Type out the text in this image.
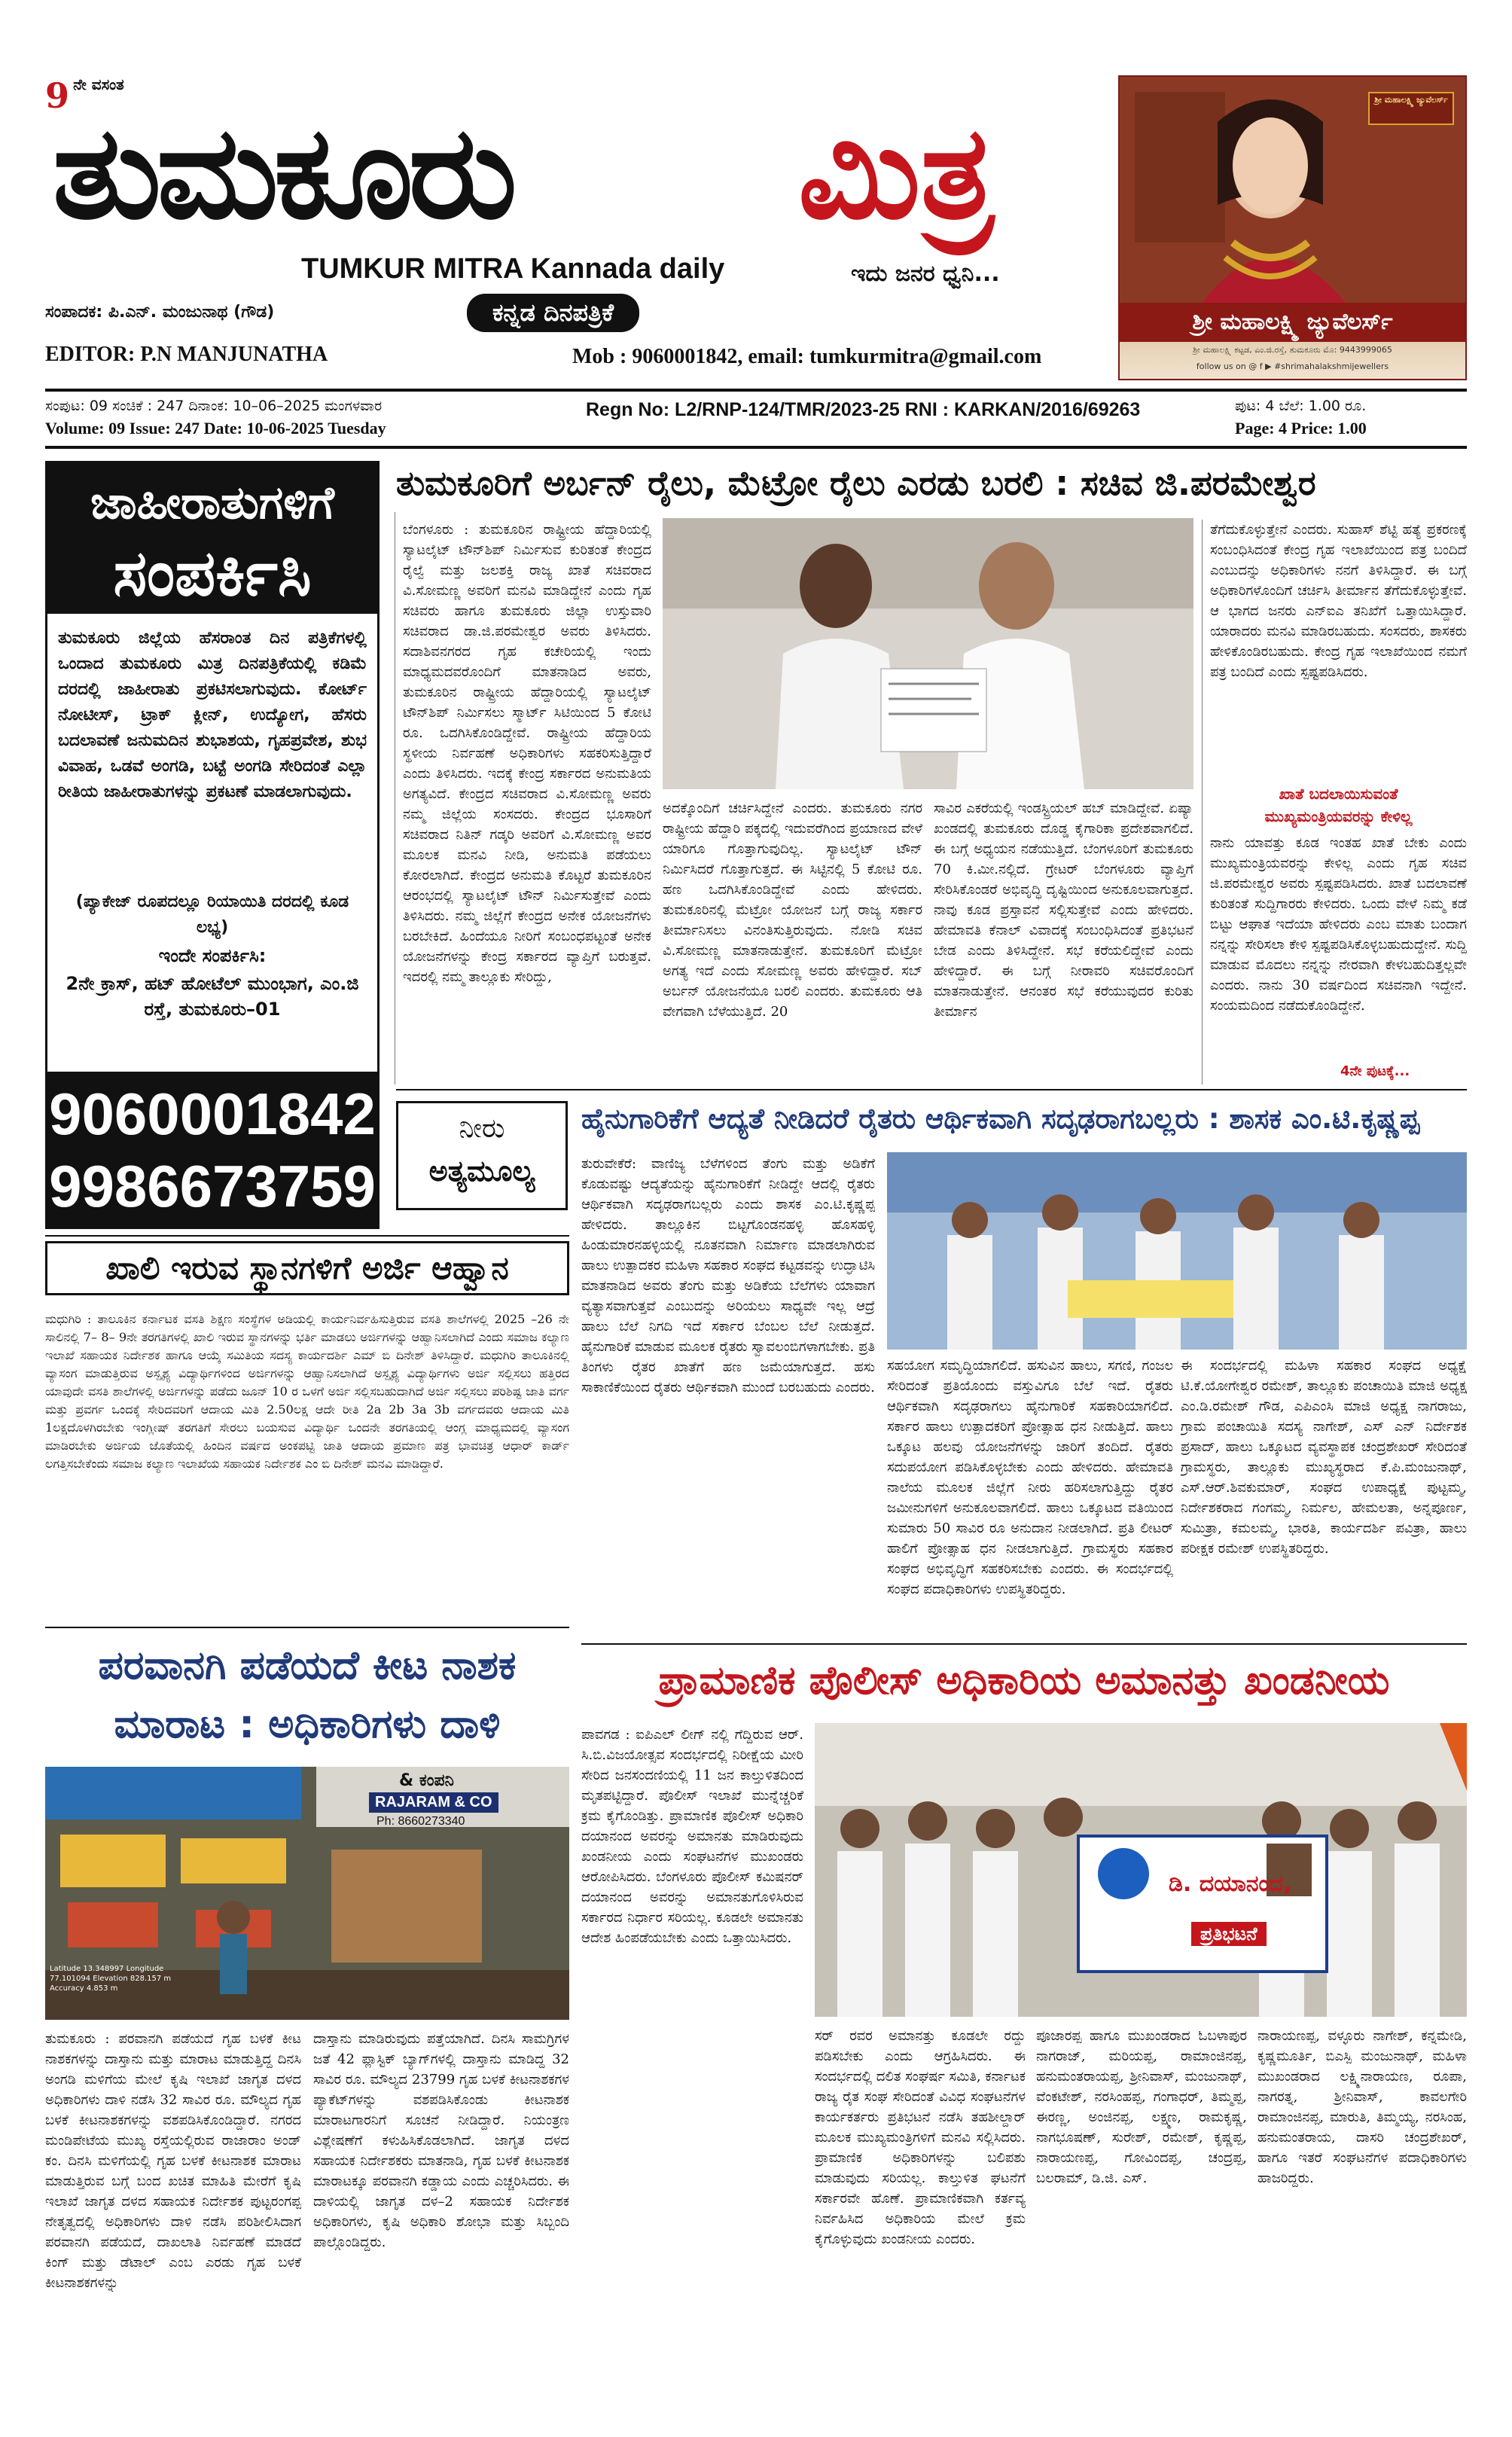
9 ನೇ ವಸಂತ
ತುಮಕೂರು ಮಿತ್ರ
TUMKUR MITRA Kannada daily	ಇದು ಜನರ ಧ್ವನಿ...
ಸಂಪಾದಕ: ಪಿ.ಎನ್. ಮಂಜುನಾಥ (ಗೌಡ)	ಕನ್ನಡ ದಿನಪತ್ರಿಕೆ
EDITOR: P.N MANJUNATHA	Mob : 9060001842, email: tumkurmitra@gmail.com
ಶ್ರೀ ಮಹಾಲಕ್ಷ್ಮಿ ಜ್ಯುವೆಲರ್ಸ್
ಶ್ರೀ ಮಹಾಲಕ್ಷ್ಮಿ ಜ್ಯುವೆಲರ್ಸ್
ಶ್ರೀ ಮಹಾಲಕ್ಷ್ಮಿ ಕಟ್ಟಡ, ಎಂ.ಜಿ.ರಸ್ತೆ, ತುಮಕೂರು ಮೊ: 9443999065
follow us on @ f ▶ #shrimahalakshmijewellers
ಸಂಪುಟ: 09 ಸಂಚಿಕೆ : 247 ದಿನಾಂಕ: 10–06–2025 ಮಂಗಳವಾರ
Volume: 09 Issue: 247 Date: 10-06-2025 Tuesday
Regn No: L2/RNP-124/TMR/2023-25 RNI : KARKAN/2016/69263	ಪುಟ: 4 ಬೆಲೆ: 1.00 ರೂ.
Page: 4 Price: 1.00
ಜಾಹೀರಾತುಗಳಿಗೆ
ಸಂಪರ್ಕಿಸಿ

ತುಮಕೂರು ಜಿಲ್ಲೆಯ ಹೆಸರಾಂತ ದಿನ ಪತ್ರಿಕೆಗಳಲ್ಲಿ ಒಂದಾದ ತುಮಕೂರು ಮಿತ್ರ ದಿನಪತ್ರಿಕೆಯಲ್ಲಿ ಕಡಿಮೆ ದರದಲ್ಲಿ ಜಾಹೀರಾತು ಪ್ರಕಟಿಸಲಾಗುವುದು. ಕೋರ್ಟ್ ನೋಟೀಸ್, ಟ್ರಾಕ್ ಕ್ಲೀನ್, ಉದ್ಯೋಗ, ಹೆಸರು ಬದಲಾವಣೆ ಜನುಮದಿನ ಶುಭಾಶಯ, ಗೃಹಪ್ರವೇಶ, ಶುಭ ವಿವಾಹ, ಒಡವೆ ಅಂಗಡಿ, ಬಟ್ಟೆ ಅಂಗಡಿ ಸೇರಿದಂತೆ ಎಲ್ಲಾ ರೀತಿಯ ಜಾಹೀರಾತುಗಳನ್ನು ಪ್ರಕಟಣೆ ಮಾಡಲಾಗುವುದು.

(ಪ್ಯಾಕೇಜ್ ರೂಪದಲ್ಲೂ ರಿಯಾಯಿತಿ ದರದಲ್ಲಿ ಕೂಡ ಲಭ್ಯ)
ಇಂದೇ ಸಂಪರ್ಕಿಸಿ:
2ನೇ ಕ್ರಾಸ್, ಹಟ್ ಹೋಟೆಲ್ ಮುಂಭಾಗ, ಎಂ.ಜಿ ರಸ್ತೆ, ತುಮಕೂರು–01
9060001842
9986673759
ನೀರು
ಅತ್ಯಮೂಲ್ಯ
ತುಮಕೂರಿಗೆ ಅರ್ಬನ್ ರೈಲು, ಮೆಟ್ರೋ ರೈಲು ಎರಡು ಬರಲಿ : ಸಚಿವ ಜಿ.ಪರಮೇಶ್ವರ

ಬೆಂಗಳೂರು : ತುಮಕೂರಿನ ರಾಷ್ಟ್ರೀಯ ಹೆದ್ದಾರಿಯಲ್ಲಿ ಸ್ಯಾಟಲೈಟ್ ಟೌನ್‌ಶಿಪ್ ನಿರ್ಮಿಸುವ ಕುರಿತಂತೆ ಕೇಂದ್ರದ ರೈಲ್ವೆ ಮತ್ತು ಜಲಶಕ್ತಿ ರಾಜ್ಯ ಖಾತೆ ಸಚಿವರಾದ ವಿ.ಸೋಮಣ್ಣ ಅವರಿಗೆ ಮನವಿ ಮಾಡಿದ್ದೇನೆ ಎಂದು ಗೃಹ ಸಚಿವರು ಹಾಗೂ ತುಮಕೂರು ಜಿಲ್ಲಾ ಉಸ್ತುವಾರಿ ಸಚಿವರಾದ ಡಾ.ಜಿ.ಪರಮೇಶ್ವರ ಅವರು ತಿಳಿಸಿದರು. ಸದಾಶಿವನಗರದ ಗೃಹ ಕಚೇರಿಯಲ್ಲಿ ಇಂದು ಮಾಧ್ಯಮದವರೊಂದಿಗೆ ಮಾತನಾಡಿದ ಅವರು, ತುಮಕೂರಿನ ರಾಷ್ಟ್ರೀಯ ಹೆದ್ದಾರಿಯಲ್ಲಿ ಸ್ಯಾಟಲೈಟ್ ಟೌನ್‌ಶಿಪ್ ನಿರ್ಮಿಸಲು ಸ್ಮಾರ್ಟ್ ಸಿಟಿಯಿಂದ 5 ಕೋಟಿ ರೂ. ಒದಗಿಸಿಕೊಂಡಿದ್ದೇವೆ. ರಾಷ್ಟ್ರೀಯ ಹೆದ್ದಾರಿಯ ಸ್ಥಳೀಯ ನಿರ್ವಹಣೆ ಅಧಿಕಾರಿಗಳು ಸಹಕರಿಸುತ್ತಿದ್ದಾರೆ ಎಂದು ತಿಳಿಸಿದರು. ಇದಕ್ಕೆ ಕೇಂದ್ರ ಸರ್ಕಾರದ ಅನುಮತಿಯ ಅಗತ್ಯವಿದೆ. ಕೇಂದ್ರದ ಸಚಿವರಾದ ವಿ.ಸೋಮಣ್ಣ ಅವರು ನಮ್ಮ ಜಿಲ್ಲೆಯ ಸಂಸದರು. ಕೇಂದ್ರದ ಭೂಸಾರಿಗೆ ಸಚಿವರಾದ ನಿತಿನ್ ಗಡ್ಕರಿ ಅವರಿಗೆ ವಿ.ಸೋಮಣ್ಣ ಅವರ ಮೂಲಕ ಮನವಿ ನೀಡಿ, ಅನುಮತಿ ಪಡೆಯಲು ಕೋರಲಾಗಿದೆ. ಕೇಂದ್ರದ ಅನುಮತಿ ಕೊಟ್ಟರೆ ತುಮಕೂರಿನ ಆರಂಭದಲ್ಲಿ ಸ್ಯಾಟಲೈಟ್ ಟೌನ್ ನಿರ್ಮಿಸುತ್ತೇವೆ ಎಂದು ತಿಳಿಸಿದರು. ನಮ್ಮ ಜಿಲ್ಲೆಗೆ ಕೇಂದ್ರದ ಅನೇಕ ಯೋಜನೆಗಳು ಬರಬೇಕಿದೆ. ಹಿಂದೆಯೂ ನೀರಿಗೆ ಸಂಬಂಧಪಟ್ಟಂತೆ ಅನೇಕ ಯೋಜನೆಗಳನ್ನು ಕೇಂದ್ರ ಸರ್ಕಾರದ ವ್ಯಾಪ್ತಿಗೆ ಬರುತ್ತವೆ. ಇದರಲ್ಲಿ ನಮ್ಮ ತಾಲ್ಲೂಕು ಸೇರಿದ್ದು,

ಅದಕ್ಕೊಂದಿಗೆ ಚರ್ಚಿಸಿದ್ದೇನೆ ಎಂದರು. ತುಮಕೂರು ನಗರ ರಾಷ್ಟ್ರೀಯ ಹೆದ್ದಾರಿ ಪಕ್ಕದಲ್ಲಿ ಇದುವರೆಗಿಂದ ಪ್ರಯಾಣದ ವೇಳೆ ಯಾರಿಗೂ ಗೊತ್ತಾಗುವುದಿಲ್ಲ. ಸ್ಯಾಟಲೈಟ್ ಟೌನ್ ನಿರ್ಮಿಸಿದರೆ ಗೊತ್ತಾಗುತ್ತದೆ. ಈ ಸಿಟ್ಟಿನಲ್ಲಿ 5 ಕೋಟಿ ರೂ. ಹಣ ಒದಗಿಸಿಕೊಂಡಿದ್ದೇವೆ ಎಂದು ಹೇಳಿದರು. ತುಮಕೂರಿನಲ್ಲಿ ಮೆಟ್ರೋ ಯೋಜನೆ ಬಗ್ಗೆ ರಾಜ್ಯ ಸರ್ಕಾರ ತೀರ್ಮಾನಿಸಲು ವಿನಂತಿಸುತ್ತಿರುವುದು. ನೋಡಿ ಸಚಿವ ವಿ.ಸೋಮಣ್ಣ ಮಾತನಾಡುತ್ತೇನೆ. ತುಮಕೂರಿಗೆ ಮೆಟ್ರೋ ಅಗತ್ಯ ಇದೆ ಎಂದು ಸೋಮಣ್ಣ ಅವರು ಹೇಳಿದ್ದಾರೆ. ಸಬ್ ಅರ್ಬನ್ ಯೋಜನೆಯೂ ಬರಲಿ ಎಂದರು. ತುಮಕೂರು ಆತಿ ವೇಗವಾಗಿ ಬೆಳೆಯುತ್ತಿದೆ. 20

ಸಾವಿರ ಎಕರೆಯಲ್ಲಿ ಇಂಡಸ್ಟ್ರಿಯಲ್ ಹಬ್ ಮಾಡಿದ್ದೇವೆ. ಏಷ್ಯಾ ಖಂಡದಲ್ಲಿ ತುಮಕೂರು ದೊಡ್ಡ ಕೈಗಾರಿಕಾ ಪ್ರದೇಶವಾಗಲಿದೆ. ಈ ಬಗ್ಗೆ ಅಧ್ಯಯನ ನಡೆಯುತ್ತಿದೆ. ಬೆಂಗಳೂರಿಗೆ ತುಮಕೂರು 70 ಕಿ.ಮೀ.ನಲ್ಲಿದೆ. ಗ್ರೇಟರ್ ಬೆಂಗಳೂರು ವ್ಯಾಪ್ತಿಗೆ ಸೇರಿಸಿಕೊಂಡರೆ ಅಭಿವೃದ್ಧಿ ದೃಷ್ಟಿಯಿಂದ ಅನುಕೂಲವಾಗುತ್ತದೆ. ನಾವು ಕೂಡ ಪ್ರಸ್ತಾವನೆ ಸಲ್ಲಿಸುತ್ತೇವೆ ಎಂದು ಹೇಳಿದರು. ಹೇಮಾವತಿ ಕೆನಾಲ್ ವಿವಾದಕ್ಕೆ ಸಂಬಂಧಿಸಿದಂತೆ ಪ್ರತಿಭಟನೆ ಬೇಡ ಎಂದು ತಿಳಿಸಿದ್ದೇನೆ. ಸಭೆ ಕರೆಯಲಿದ್ದೇವೆ ಎಂದು ಹೇಳಿದ್ದಾರೆ. ಈ ಬಗ್ಗೆ ನೀರಾವರಿ ಸಚಿವರೊಂದಿಗೆ ಮಾತನಾಡುತ್ತೇನೆ. ಆನಂತರ ಸಭೆ ಕರೆಯುವುದರ ಕುರಿತು ತೀರ್ಮಾನ

ತೆಗೆದುಕೊಳ್ಳುತ್ತೇನೆ ಎಂದರು. ಸುಹಾಸ್ ಶೆಟ್ಟಿ ಹತ್ಯೆ ಪ್ರಕರಣಕ್ಕೆ ಸಂಬಂಧಿಸಿದಂತೆ ಕೇಂದ್ರ ಗೃಹ ಇಲಾಖೆಯಿಂದ ಪತ್ರ ಬಂದಿದೆ ಎಂಬುದನ್ನು ಅಧಿಕಾರಿಗಳು ನನಗೆ ತಿಳಿಸಿದ್ದಾರೆ. ಈ ಬಗ್ಗೆ ಅಧಿಕಾರಿಗಳೊಂದಿಗೆ ಚರ್ಚಿಸಿ ತೀರ್ಮಾನ ತೆಗೆದುಕೊಳ್ಳುತ್ತೇವೆ. ಆ ಭಾಗದ ಜನರು ಎನ್‌ಐಎ ತನಿಖೆಗೆ ಒತ್ತಾಯಿಸಿದ್ದಾರೆ. ಯಾರಾದರು ಮನವಿ ಮಾಡಿರಬಹುದು. ಸಂಸದರು, ಶಾಸಕರು ಹೇಳಿಕೊಂಡಿರಬಹುದು. ಕೇಂದ್ರ ಗೃಹ ಇಲಾಖೆಯಿಂದ ನಮಗೆ ಪತ್ರ ಬಂದಿದೆ ಎಂದು ಸ್ಪಷ್ಟಪಡಿಸಿದರು.

ಖಾತೆ ಬದಲಾಯಿಸುವಂತೆ
ಮುಖ್ಯಮಂತ್ರಿಯವರನ್ನು ಕೇಳಿಲ್ಲ

ನಾನು ಯಾವತ್ತು ಕೂಡ ಇಂತಹ ಖಾತೆ ಬೇಕು ಎಂದು ಮುಖ್ಯಮಂತ್ರಿಯವರನ್ನು ಕೇಳಿಲ್ಲ ಎಂದು ಗೃಹ ಸಚಿವ ಜಿ.ಪರಮೇಶ್ವರ ಅವರು ಸ್ಪಷ್ಟಪಡಿಸಿದರು. ಖಾತೆ ಬದಲಾವಣೆ ಕುರಿತಂತೆ ಸುದ್ದಿಗಾರರು ಕೇಳಿದರು. ಒಂದು ವೇಳೆ ನಿಮ್ಮ ಕಡೆ ಬಿಟ್ಟು ಆಘಾತ ಇದೆಯಾ ಹೇಳಿದರು ಎಂಬ ಮಾತು ಬಂದಾಗ ನನ್ನನ್ನು ಸೇರಿಸಲಾ ಕೇಳಿ ಸ್ಪಷ್ಟಪಡಿಸಿಕೊಳ್ಳಬಹುದುದ್ದೇನೆ. ಸುದ್ದಿ ಮಾಡುವ ಮೊದಲು ನನ್ನನ್ನು ನೇರವಾಗಿ ಕೇಳಬಹುದಿತ್ತಲ್ಲವೇ ಎಂದರು. ನಾನು 30 ವರ್ಷದಿಂದ ಸಚಿವನಾಗಿ ಇದ್ದೇನೆ. ಸಂಯಮದಿಂದ ನಡೆದುಕೊಂಡಿದ್ದೇನೆ.

4ನೇ ಪುಟಕ್ಕೆ...
ಹೈನುಗಾರಿಕೆಗೆ ಆದ್ಯತೆ ನೀಡಿದರೆ ರೈತರು ಆರ್ಥಿಕವಾಗಿ ಸದೃಢರಾಗಬಲ್ಲರು : ಶಾಸಕ ಎಂ.ಟಿ.ಕೃಷ್ಣಪ್ಪ

ತುರುವೇಕೆರೆ: ವಾಣಿಜ್ಯ ಬೆಳೆಗಳಿಂದ ತೆಂಗು ಮತ್ತು ಅಡಿಕೆಗೆ ಕೊಡುವಷ್ಟು ಆದ್ಯತೆಯನ್ನು ಹೈನುಗಾರಿಕೆಗೆ ನೀಡಿದ್ದೇ ಆದಲ್ಲಿ ರೈತರು ಆರ್ಥಿಕವಾಗಿ ಸದೃಢರಾಗಬಲ್ಲರು ಎಂದು ಶಾಸಕ ಎಂ.ಟಿ.ಕೃಷ್ಣಪ್ಪ ಹೇಳಿದರು. ತಾಲ್ಲೂಕಿನ ಬಿಟ್ಟಗೊಂಡನಹಳ್ಳಿ ಹೊಸಹಳ್ಳಿ ಹಿಂಡುಮಾರನಹಳ್ಳಿಯಲ್ಲಿ ನೂತನವಾಗಿ ನಿರ್ಮಾಣ ಮಾಡಲಾಗಿರುವ ಹಾಲು ಉತ್ಪಾದಕರ ಮಹಿಳಾ ಸಹಕಾರ ಸಂಘದ ಕಟ್ಟಡವನ್ನು ಉದ್ಘಾಟಿಸಿ ಮಾತನಾಡಿದ ಅವರು ತೆಂಗು ಮತ್ತು ಅಡಿಕೆಯ ಬೆಲೆಗಳು ಯಾವಾಗ ವ್ಯತ್ಯಾಸವಾಗುತ್ತವೆ ಎಂಬುದನ್ನು ಅರಿಯಲು ಸಾಧ್ಯವೇ ಇಲ್ಲ ಆದ್ರೆ ಹಾಲು ಬೆಲೆ ನಿಗದಿ ಇದೆ ಸರ್ಕಾರ ಬೆಂಬಲ ಬೆಲೆ ನೀಡುತ್ತದೆ. ಹೈನುಗಾರಿಕೆ ಮಾಡುವ ಮೂಲಕ ರೈತರು ಸ್ವಾವಲಂಬಿಗಳಾಗಬೇಕು. ಪ್ರತಿ ತಿಂಗಳು ರೈತರ ಖಾತೆಗೆ ಹಣ ಜಮೆಯಾಗುತ್ತದೆ. ಹಸು ಸಾಕಾಣಿಕೆಯಿಂದ ರೈತರು ಆರ್ಥಿಕವಾಗಿ ಮುಂದೆ ಬರಬಹುದು ಎಂದರು.

ಸಹಯೋಗ ಸಮೃದ್ಧಿಯಾಗಲಿದೆ. ಹಸುವಿನ ಹಾಲು, ಸಗಣಿ, ಗಂಜಲ ಸೇರಿದಂತೆ ಪ್ರತಿಯೊಂದು ವಸ್ತುವಿಗೂ ಬೆಲೆ ಇದೆ. ರೈತರು ಆರ್ಥಿಕವಾಗಿ ಸದೃಢರಾಗಲು ಹೈನುಗಾರಿಕೆ ಸಹಕಾರಿಯಾಗಲಿದೆ. ಸರ್ಕಾರ ಹಾಲು ಉತ್ಪಾದಕರಿಗೆ ಪ್ರೋತ್ಸಾಹ ಧನ ನೀಡುತ್ತಿದೆ. ಹಾಲು ಒಕ್ಕೂಟ ಹಲವು ಯೋಜನೆಗಳನ್ನು ಜಾರಿಗೆ ತಂದಿದೆ. ರೈತರು ಸದುಪಯೋಗ ಪಡಿಸಿಕೊಳ್ಳಬೇಕು ಎಂದು ಹೇಳಿದರು. ಹೇಮಾವತಿ ನಾಲೆಯ ಮೂಲಕ ಜಿಲ್ಲೆಗೆ ನೀರು ಹರಿಸಲಾಗುತ್ತಿದ್ದು ರೈತರ ಜಮೀನುಗಳಿಗೆ ಅನುಕೂಲವಾಗಲಿದೆ. ಹಾಲು ಒಕ್ಕೂಟದ ವತಿಯಿಂದ ಸುಮಾರು 50 ಸಾವಿರ ರೂ ಅನುದಾನ ನೀಡಲಾಗಿದೆ. ಪ್ರತಿ ಲೀಟರ್ ಹಾಲಿಗೆ ಪ್ರೋತ್ಸಾಹ ಧನ ನೀಡಲಾಗುತ್ತಿದೆ. ಗ್ರಾಮಸ್ಥರು ಸಹಕಾರ ಸಂಘದ ಅಭಿವೃದ್ಧಿಗೆ ಸಹಕರಿಸಬೇಕು ಎಂದರು. ಈ ಸಂದರ್ಭದಲ್ಲಿ ಸಂಘದ ಪದಾಧಿಕಾರಿಗಳು ಉಪಸ್ಥಿತರಿದ್ದರು.

ಈ ಸಂದರ್ಭದಲ್ಲಿ ಮಹಿಳಾ ಸಹಕಾರ ಸಂಘದ ಅಧ್ಯಕ್ಷೆ ಟಿ.ಕೆ.ಯೋಗೇಶ್ವರ ರಮೇಶ್, ತಾಲ್ಲೂಕು ಪಂಚಾಯಿತಿ ಮಾಜಿ ಅಧ್ಯಕ್ಷ ಎಂ.ಡಿ.ರಮೇಶ್ ಗೌಡ, ಎಪಿಎಂಸಿ ಮಾಜಿ ಅಧ್ಯಕ್ಷ ನಾಗರಾಜು, ಗ್ರಾಮ ಪಂಚಾಯಿತಿ ಸದಸ್ಯ ನಾಗೇಶ್, ಎಸ್ ಎನ್ ನಿರ್ದೇಶಕ ಪ್ರಸಾದ್, ಹಾಲು ಒಕ್ಕೂಟದ ವ್ಯವಸ್ಥಾಪಕ ಚಂದ್ರಶೇಖರ್ ಸೇರಿದಂತೆ ಗ್ರಾಮಸ್ಥರು, ತಾಲ್ಲೂಕು ಮುಖ್ಯಸ್ಥರಾದ ಕೆ.ಪಿ.ಮಂಜುನಾಥ್, ಎಸ್.ಆರ್.ಶಿವಕುಮಾರ್, ಸಂಘದ ಉಪಾಧ್ಯಕ್ಷೆ ಪುಟ್ಟಮ್ಮ, ನಿರ್ದೇಶಕರಾದ ಗಂಗಮ್ಮ, ನಿರ್ಮಲ, ಹೇಮಲತಾ, ಅನ್ನಪೂರ್ಣ, ಸುಮಿತ್ರಾ, ಕಮಲಮ್ಮ, ಭಾರತಿ, ಕಾರ್ಯದರ್ಶಿ ಪವಿತ್ರಾ, ಹಾಲು ಪರೀಕ್ಷಕ ರಮೇಶ್ ಉಪಸ್ಥಿತರಿದ್ದರು.

ಖಾಲಿ ಇರುವ ಸ್ಥಾನಗಳಿಗೆ ಅರ್ಜಿ ಆಹ್ವಾನ

ಮಧುಗಿರಿ : ತಾಲೂಕಿನ ಕರ್ನಾಟಕ ವಸತಿ ಶಿಕ್ಷಣ ಸಂಸ್ಥೆಗಳ ಅಡಿಯಲ್ಲಿ ಕಾರ್ಯನಿರ್ವಹಿಸುತ್ತಿರುವ ವಸತಿ ಶಾಲೆಗಳಲ್ಲಿ 2025 –26 ನೇ ಸಾಲಿನಲ್ಲಿ 7– 8– 9ನೇ ತರಗತಿಗಳಲ್ಲಿ ಖಾಲಿ ಇರುವ ಸ್ಥಾನಗಳನ್ನು ಭರ್ತಿ ಮಾಡಲು ಅರ್ಜಿಗಳನ್ನು ಆಹ್ವಾನಿಸಲಾಗಿದೆ ಎಂದು ಸಮಾಜ ಕಲ್ಯಾಣ ಇಲಾಖೆ ಸಹಾಯಕ ನಿರ್ದೇಶಕ ಹಾಗೂ ಆಯ್ಕೆ ಸಮಿತಿಯ ಸದಸ್ಯ ಕಾರ್ಯದರ್ಶಿ ಎಮ್ ಬಿ ದಿನೇಶ್ ತಿಳಿಸಿದ್ದಾರೆ. ಮಧುಗಿರಿ ತಾಲೂಕಿನಲ್ಲಿ ವ್ಯಾಸಂಗ ಮಾಡುತ್ತಿರುವ ಅಸ್ಪೃಶ್ಯ ವಿದ್ಯಾರ್ಥಿಗಳಿಂದ ಅರ್ಜಿಗಳನ್ನು ಆಹ್ವಾನಿಸಲಾಗಿದೆ ಅಸ್ಪೃಶ್ಯ ವಿದ್ಯಾರ್ಥಿಗಳು ಅರ್ಜಿ ಸಲ್ಲಿಸಲು ಹತ್ತಿರದ ಯಾವುದೇ ವಸತಿ ಶಾಲೆಗಳಲ್ಲಿ ಅರ್ಜಿಗಳನ್ನು ಪಡೆದು ಜೂನ್ 10 ರ ಒಳಗೆ ಅರ್ಜಿ ಸಲ್ಲಿಸಬಹುದಾಗಿದೆ ಅರ್ಜಿ ಸಲ್ಲಿಸಲು ಪರಿಶಿಷ್ಟ ಜಾತಿ ವರ್ಗ ಮತ್ತು ಪ್ರವರ್ಗ ಒಂದಕ್ಕೆ ಸೇರಿದವರಿಗೆ ಆದಾಯ ಮಿತಿ 2.50ಲಕ್ಷ ಆದೇ ರೀತಿ 2a 2b 3a 3b ವರ್ಗದವರು ಆದಾಯ ಮಿತಿ 1ಲಕ್ಷದೊಳಗಿರಬೇಕು ಇಂಗ್ಲೀಷ್ ತರಗತಿಗೆ ಸೇರಲು ಬಯಸುವ ವಿದ್ಯಾರ್ಥಿ ಒಂದನೇ ತರಗತಿಯಲ್ಲಿ ಆಂಗ್ಲ ಮಾಧ್ಯಮದಲ್ಲಿ ವ್ಯಾಸಂಗ ಮಾಡಿರಬೇಕು ಅರ್ಜಿಯ ಜೊತೆಯಲ್ಲಿ ಹಿಂದಿನ ವರ್ಷದ ಅಂಕಪಟ್ಟಿ ಜಾತಿ ಆದಾಯ ಪ್ರಮಾಣ ಪತ್ರ ಭಾವಚಿತ್ರ ಆಧಾರ್ ಕಾರ್ಡ್ ಲಗತ್ತಿಸಬೇಕೆಂದು ಸಮಾಜ ಕಲ್ಯಾಣ ಇಲಾಖೆಯ ಸಹಾಯಕ ನಿರ್ದೇಶಕ ಎಂ ಬಿ ದಿನೇಶ್ ಮನವಿ ಮಾಡಿದ್ದಾರೆ.

ಪರವಾನಗಿ ಪಡೆಯದೆ ಕೀಟ ನಾಶಕ
ಮಾರಾಟ : ಅಧಿಕಾರಿಗಳು ದಾಳಿ
& ಕಂಪನಿ
RAJARAM & CO
Ph: 8660273340
Latitude 13.348997 Longitude 77.101094 Elevation 828.157 m Accuracy 4.853 m

ತುಮಕೂರು : ಪರವಾನಗಿ ಪಡೆಯದೆ ಗೃಹ ಬಳಕೆ ಕೀಟ ನಾಶಕಗಳನ್ನು ದಾಸ್ತಾನು ಮತ್ತು ಮಾರಾಟ ಮಾಡುತ್ತಿದ್ದ ದಿನಸಿ ಅಂಗಡಿ ಮಳಿಗೆಯ ಮೇಲೆ ಕೃಷಿ ಇಲಾಖೆ ಜಾಗೃತ ದಳದ ಅಧಿಕಾರಿಗಳು ದಾಳಿ ನಡೆಸಿ 32 ಸಾವಿರ ರೂ. ಮೌಲ್ಯದ ಗೃಹ ಬಳಕೆ ಕೀಟನಾಶಕಗಳನ್ನು ವಶಪಡಿಸಿಕೊಂಡಿದ್ದಾರೆ. ನಗರದ ಮಂಡಿಪೇಟೆಯ ಮುಖ್ಯ ರಸ್ತೆಯಲ್ಲಿರುವ ರಾಜಾರಾಂ ಅಂಡ್ ಕಂ. ದಿನಸಿ ಮಳಿಗೆಯಲ್ಲಿ ಗೃಹ ಬಳಕೆ ಕೀಟನಾಶಕ ಮಾರಾಟ ಮಾಡುತ್ತಿರುವ ಬಗ್ಗೆ ಬಂದ ಖಚಿತ ಮಾಹಿತಿ ಮೇರೆಗೆ ಕೃಷಿ ಇಲಾಖೆ ಜಾಗೃತ ದಳದ ಸಹಾಯಕ ನಿರ್ದೇಶಕ ಪುಟ್ಟರಂಗಪ್ಪ ನೇತೃತ್ವದಲ್ಲಿ ಅಧಿಕಾರಿಗಳು ದಾಳಿ ನಡೆಸಿ ಪರಿಶೀಲಿಸಿದಾಗ ಪರವಾನಗಿ ಪಡೆಯದೆ, ದಾಖಲಾತಿ ನಿರ್ವಹಣೆ ಮಾಡದೆ ಕಿಂಗ್ ಮತ್ತು ಡೆಟಾಲ್ ಎಂಬ ಎರಡು ಗೃಹ ಬಳಕೆ ಕೀಟನಾಶಕಗಳನ್ನು

ದಾಸ್ತಾನು ಮಾಡಿರುವುದು ಪತ್ತೆಯಾಗಿದೆ. ದಿನಸಿ ಸಾಮಗ್ರಿಗಳ ಜತೆ 42 ಪ್ಲಾಸ್ಟಿಕ್ ಬ್ಯಾಗ್‌ಗಳಲ್ಲಿ ದಾಸ್ತಾನು ಮಾಡಿದ್ದ 32 ಸಾವಿರ ರೂ. ಮೌಲ್ಯದ 23799 ಗೃಹ ಬಳಕೆ ಕೀಟನಾಶಕಗಳ ಪ್ಯಾಕೆಟ್‌ಗಳನ್ನು ವಶಪಡಿಸಿಕೊಂಡು ಕೀಟನಾಶಕ ಮಾರಾಟಗಾರನಿಗೆ ಸೂಚನೆ ನೀಡಿದ್ದಾರೆ. ನಿಯಂತ್ರಣ ವಿಶ್ಲೇಷಣೆಗೆ ಕಳುಹಿಸಿಕೊಡಲಾಗಿದೆ. ಜಾಗೃತ ದಳದ ಸಹಾಯಕ ನಿರ್ದೇಶಕರು ಮಾತನಾಡಿ, ಗೃಹ ಬಳಕೆ ಕೀಟನಾಶಕ ಮಾರಾಟಕ್ಕೂ ಪರವಾನಗಿ ಕಡ್ಡಾಯ ಎಂದು ಎಚ್ಚರಿಸಿದರು. ಈ ದಾಳಿಯಲ್ಲಿ ಜಾಗೃತ ದಳ–2 ಸಹಾಯಕ ನಿರ್ದೇಶಕ ಅಧಿಕಾರಿಗಳು, ಕೃಷಿ ಅಧಿಕಾರಿ ಶೋಭಾ ಮತ್ತು ಸಿಬ್ಬಂದಿ ಪಾಲ್ಗೊಂಡಿದ್ದರು.

ಪ್ರಾಮಾಣಿಕ ಪೊಲೀಸ್ ಅಧಿಕಾರಿಯ ಅಮಾನತ್ತು ಖಂಡನೀಯ

ಪಾವಗಡ : ಐಪಿಎಲ್ ಲೀಗ್ ನಲ್ಲಿ ಗೆದ್ದಿರುವ ಆರ್. ಸಿ.ಬಿ.ವಿಜಯೋತ್ಸವ ಸಂದರ್ಭದಲ್ಲಿ ನಿರೀಕ್ಷೆಯ ಮೀರಿ ಸೇರಿದ ಜನಸಂದಣಿಯಲ್ಲಿ 11 ಜನ ಕಾಲ್ತುಳಿತದಿಂದ ಮೃತಪಟ್ಟಿದ್ದಾರೆ. ಪೊಲೀಸ್ ಇಲಾಖೆ ಮುನ್ನೆಚ್ಚರಿಕೆ ಕ್ರಮ ಕೈಗೊಂಡಿತ್ತು. ಪ್ರಾಮಾಣಿಕ ಪೊಲೀಸ್ ಅಧಿಕಾರಿ ದಯಾನಂದ ಅವರನ್ನು ಅಮಾನತು ಮಾಡಿರುವುದು ಖಂಡನೀಯ ಎಂದು ಸಂಘಟನೆಗಳ ಮುಖಂಡರು ಆರೋಪಿಸಿದರು. ಬೆಂಗಳೂರು ಪೊಲೀಸ್ ಕಮಿಷನರ್ ದಯಾನಂದ ಅವರನ್ನು ಅಮಾನತುಗೊಳಿಸಿರುವ ಸರ್ಕಾರದ ನಿರ್ಧಾರ ಸರಿಯಲ್ಲ. ಕೂಡಲೇ ಅಮಾನತು ಆದೇಶ ಹಿಂಪಡೆಯಬೇಕು ಎಂದು ಒತ್ತಾಯಿಸಿದರು.

ಡಿ. ದಯಾನಂದ,
ಪ್ರತಿಭಟನೆ

ಸರ್ ರವರ ಅಮಾನತ್ತು ಕೂಡಲೇ ರದ್ದು ಪಡಿಸಬೇಕು ಎಂದು ಆಗ್ರಹಿಸಿದರು. ಈ ಸಂದರ್ಭದಲ್ಲಿ ದಲಿತ ಸಂಘರ್ಷ ಸಮಿತಿ, ಕರ್ನಾಟಕ ರಾಜ್ಯ ರೈತ ಸಂಘ ಸೇರಿದಂತೆ ವಿವಿಧ ಸಂಘಟನೆಗಳ ಕಾರ್ಯಕರ್ತರು ಪ್ರತಿಭಟನೆ ನಡೆಸಿ ತಹಶೀಲ್ದಾರ್ ಮೂಲಕ ಮುಖ್ಯಮಂತ್ರಿಗಳಿಗೆ ಮನವಿ ಸಲ್ಲಿಸಿದರು. ಪ್ರಾಮಾಣಿಕ ಅಧಿಕಾರಿಗಳನ್ನು ಬಲಿಪಶು ಮಾಡುವುದು ಸರಿಯಲ್ಲ. ಕಾಲ್ತುಳಿತ ಘಟನೆಗೆ ಸರ್ಕಾರವೇ ಹೊಣೆ. ಪ್ರಾಮಾಣಿಕವಾಗಿ ಕರ್ತವ್ಯ ನಿರ್ವಹಿಸಿದ ಅಧಿಕಾರಿಯ ಮೇಲೆ ಕ್ರಮ ಕೈಗೊಳ್ಳುವುದು ಖಂಡನೀಯ ಎಂದರು.

ಪೂಜಾರಪ್ಪ ಹಾಗೂ ಮುಖಂಡರಾದ ಓಬಳಾಪುರ ನಾಗರಾಜ್, ಮರಿಯಪ್ಪ, ರಾಮಾಂಜಿನಪ್ಪ, ಹನುಮಂತರಾಯಪ್ಪ, ಶ್ರೀನಿವಾಸ್, ಮಂಜುನಾಥ್, ವೆಂಕಟೇಶ್, ನರಸಿಂಹಪ್ಪ, ಗಂಗಾಧರ್, ತಿಮ್ಮಪ್ಪ, ಈರಣ್ಣ, ಅಂಜಿನಪ್ಪ, ಲಕ್ಷ್ಮಣ, ರಾಮಕೃಷ್ಣ, ನಾಗಭೂಷಣ್, ಸುರೇಶ್, ರಮೇಶ್, ಕೃಷ್ಣಪ್ಪ, ನಾರಾಯಣಪ್ಪ, ಗೋವಿಂದಪ್ಪ, ಚಂದ್ರಪ್ಪ, ಬಲರಾಮ್, ಡಿ.ಜಿ. ಎಸ್.

ನಾರಾಯಣಪ್ಪ, ವಳ್ಳೂರು ನಾಗೇಶ್, ಕನ್ನಮೇಡಿ, ಕೃಷ್ಣಮೂರ್ತಿ, ಬಿಎಸ್ಪಿ ಮಂಜುನಾಥ್, ಮಹಿಳಾ ಮುಖಂಡರಾದ ಲಕ್ಷ್ಮಿನಾರಾಯಣ, ರೂಪಾ, ನಾಗರತ್ನ, ಶ್ರೀನಿವಾಸ್, ಕಾವಲಗೇರಿ ರಾಮಾಂಜಿನಪ್ಪ, ಮಾರುತಿ, ತಿಮ್ಮಯ್ಯ, ನರಸಿಂಹ, ಹನುಮಂತರಾಯ, ದಾಸರಿ ಚಂದ್ರಶೇಖರ್, ಹಾಗೂ ಇತರೆ ಸಂಘಟನೆಗಳ ಪದಾಧಿಕಾರಿಗಳು ಹಾಜರಿದ್ದರು.
